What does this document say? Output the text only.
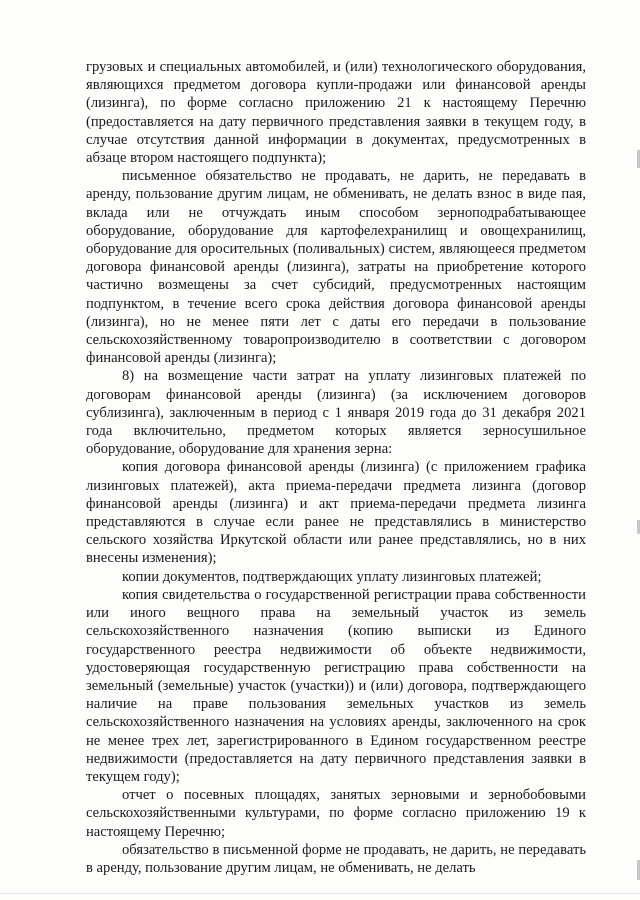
грузовых и специальных автомобилей, и (или) технологического оборудования, являющихся предметом договора купли-продажи или финансовой аренды (лизинга), по форме согласно приложению 21 к настоящему Перечню (предоставляется на дату первичного представления заявки в текущем году, в случае отсутствия данной информации в документах, предусмотренных в абзаце втором настоящего подпункта);

письменное обязательство не продавать, не дарить, не передавать в аренду, пользование другим лицам, не обменивать, не делать взнос в виде пая, вклада или не отчуждать иным способом зерноподрабатывающее оборудование, оборудование для картофелехранилищ и овощехранилищ, оборудование для оросительных (поливальных) систем, являющееся предметом договора финансовой аренды (лизинга), затраты на приобретение которого частично возмещены за счет субсидий, предусмотренных настоящим подпунктом, в течение всего срока действия договора финансовой аренды (лизинга), но не менее пяти лет с даты его передачи в пользование сельскохозяйственному товаропроизводителю в соответствии с договором финансовой аренды (лизинга);

8) на возмещение части затрат на уплату лизинговых платежей по договорам финансовой аренды (лизинга) (за исключением договоров сублизинга), заключенным в период с 1 января 2019 года до 31 декабря 2021 года включительно, предметом которых является зерносушильное оборудование, оборудование для хранения зерна:

копия договора финансовой аренды (лизинга) (с приложением графика лизинговых платежей), акта приема-передачи предмета лизинга (договор финансовой аренды (лизинга) и акт приема-передачи предмета лизинга представляются в случае если ранее не представлялись в министерство сельского хозяйства Иркутской области или ранее представлялись, но в них внесены изменения);

копии документов, подтверждающих уплату лизинговых платежей;

копия свидетельства о государственной регистрации права собственности или иного вещного права на земельный участок из земель сельскохозяйственного назначения (копию выписки из Единого государственного реестра недвижимости об объекте недвижимости, удостоверяющая государственную регистрацию права собственности на земельный (земельные) участок (участки)) и (или) договора, подтверждающего наличие на праве пользования земельных участков из земель сельскохозяйственного назначения на условиях аренды, заключенного на срок не менее трех лет, зарегистрированного в Едином государственном реестре недвижимости (предоставляется на дату первичного представления заявки в текущем году);

отчет о посевных площадях, занятых зерновыми и зернобобовыми сельскохозяйственными культурами, по форме согласно приложению 19 к настоящему Перечню;

обязательство в письменной форме не продавать, не дарить, не передавать в аренду, пользование другим лицам, не обменивать, не делать
